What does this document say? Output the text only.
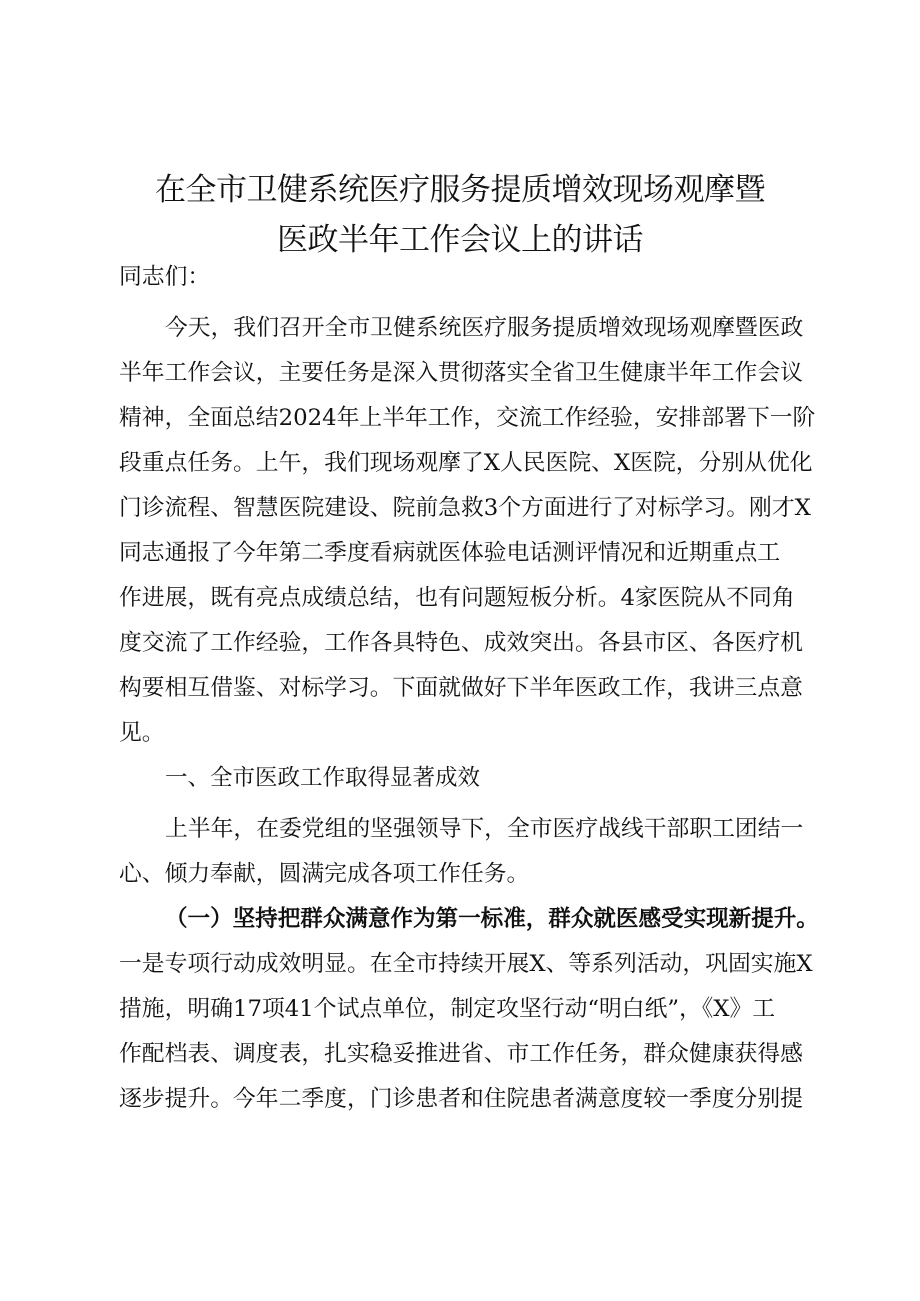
在全市卫健系统医疗服务提质增效现场观摩暨
医政半年工作会议上的讲话
同志们：
今天，我们召开全市卫健系统医疗服务提质增效现场观摩暨医政
半年工作会议，主要任务是深入贯彻落实全省卫生健康半年工作会议
精神，全面总结2024年上半年工作，交流工作经验，安排部署下一阶
段重点任务。上午，我们现场观摩了X人民医院、X医院，分别从优化
门诊流程、智慧医院建设、院前急救3个方面进行了对标学习。刚才X
同志通报了今年第二季度看病就医体验电话测评情况和近期重点工
作进展，既有亮点成绩总结，也有问题短板分析。4家医院从不同角
度交流了工作经验，工作各具特色、成效突出。各县市区、各医疗机
构要相互借鉴、对标学习。下面就做好下半年医政工作，我讲三点意
见。
一、全市医政工作取得显著成效
上半年，在委党组的坚强领导下，全市医疗战线干部职工团结一
心、倾力奉献，圆满完成各项工作任务。
（一）坚持把群众满意作为第一标准，群众就医感受实现新提升。
一是专项行动成效明显。在全市持续开展X、等系列活动，巩固实施X
措施，明确17项41个试点单位，制定攻坚行动“明白纸”，《X》工
作配档表、调度表，扎实稳妥推进省、市工作任务，群众健康获得感
逐步提升。今年二季度，门诊患者和住院患者满意度较一季度分别提
